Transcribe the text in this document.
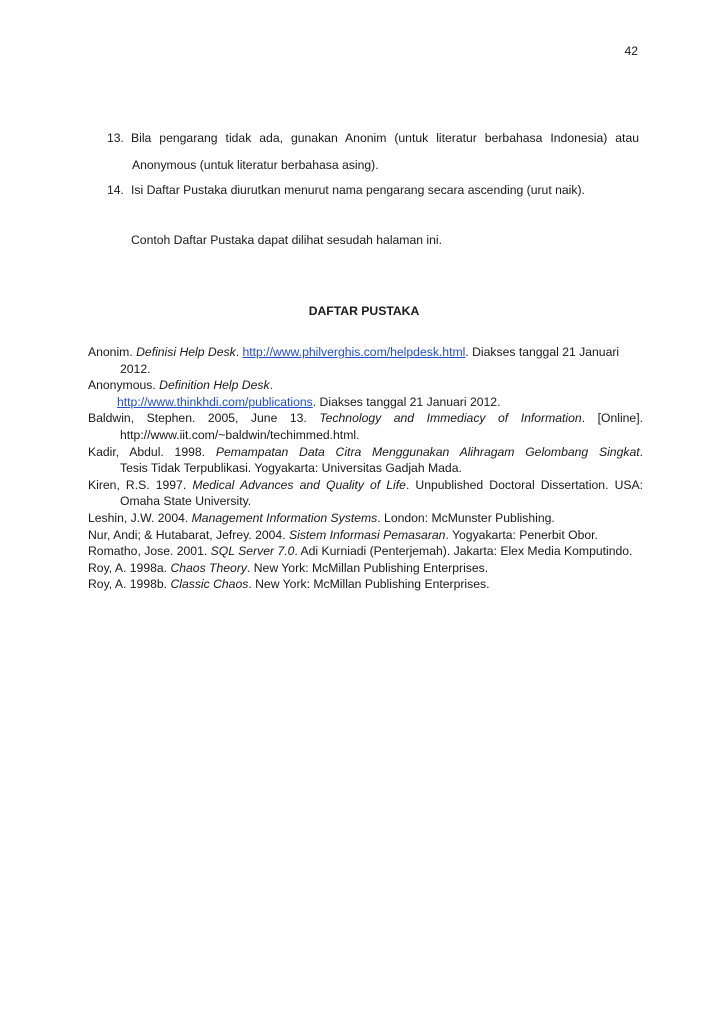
42
13. Bila pengarang tidak ada, gunakan Anonim (untuk literatur berbahasa Indonesia) atau
Anonymous (untuk literatur berbahasa asing).
14. Isi Daftar Pustaka diurutkan menurut nama pengarang secara ascending (urut naik).
Contoh Daftar Pustaka dapat dilihat sesudah halaman ini.
DAFTAR PUSTAKA

Anonim. Definisi Help Desk. http://www.philverghis.com/helpdesk.html. Diakses tanggal 21 Januari
2012.

Anonymous. Definition Help Desk.
http://www.thinkhdi.com/publications. Diakses tanggal 21 Januari 2012.

Baldwin, Stephen. 2005, June 13. Technology and Immediacy of Information. [Online].
http://www.iit.com/~baldwin/techimmed.html.

Kadir, Abdul. 1998. Pemampatan Data Citra Menggunakan Alihragam Gelombang Singkat.
Tesis Tidak Terpublikasi. Yogyakarta: Universitas Gadjah Mada.

Kiren, R.S. 1997. Medical Advances and Quality of Life. Unpublished Doctoral Dissertation. USA:
Omaha State University.

Leshin, J.W. 2004. Management Information Systems. London: McMunster Publishing.

Nur, Andi; & Hutabarat, Jefrey. 2004. Sistem Informasi Pemasaran. Yogyakarta: Penerbit Obor.

Romatho, Jose. 2001. SQL Server 7.0. Adi Kurniadi (Penterjemah). Jakarta: Elex Media Komputindo.

Roy, A. 1998a. Chaos Theory. New York: McMillan Publishing Enterprises.

Roy, A. 1998b. Classic Chaos. New York: McMillan Publishing Enterprises.
